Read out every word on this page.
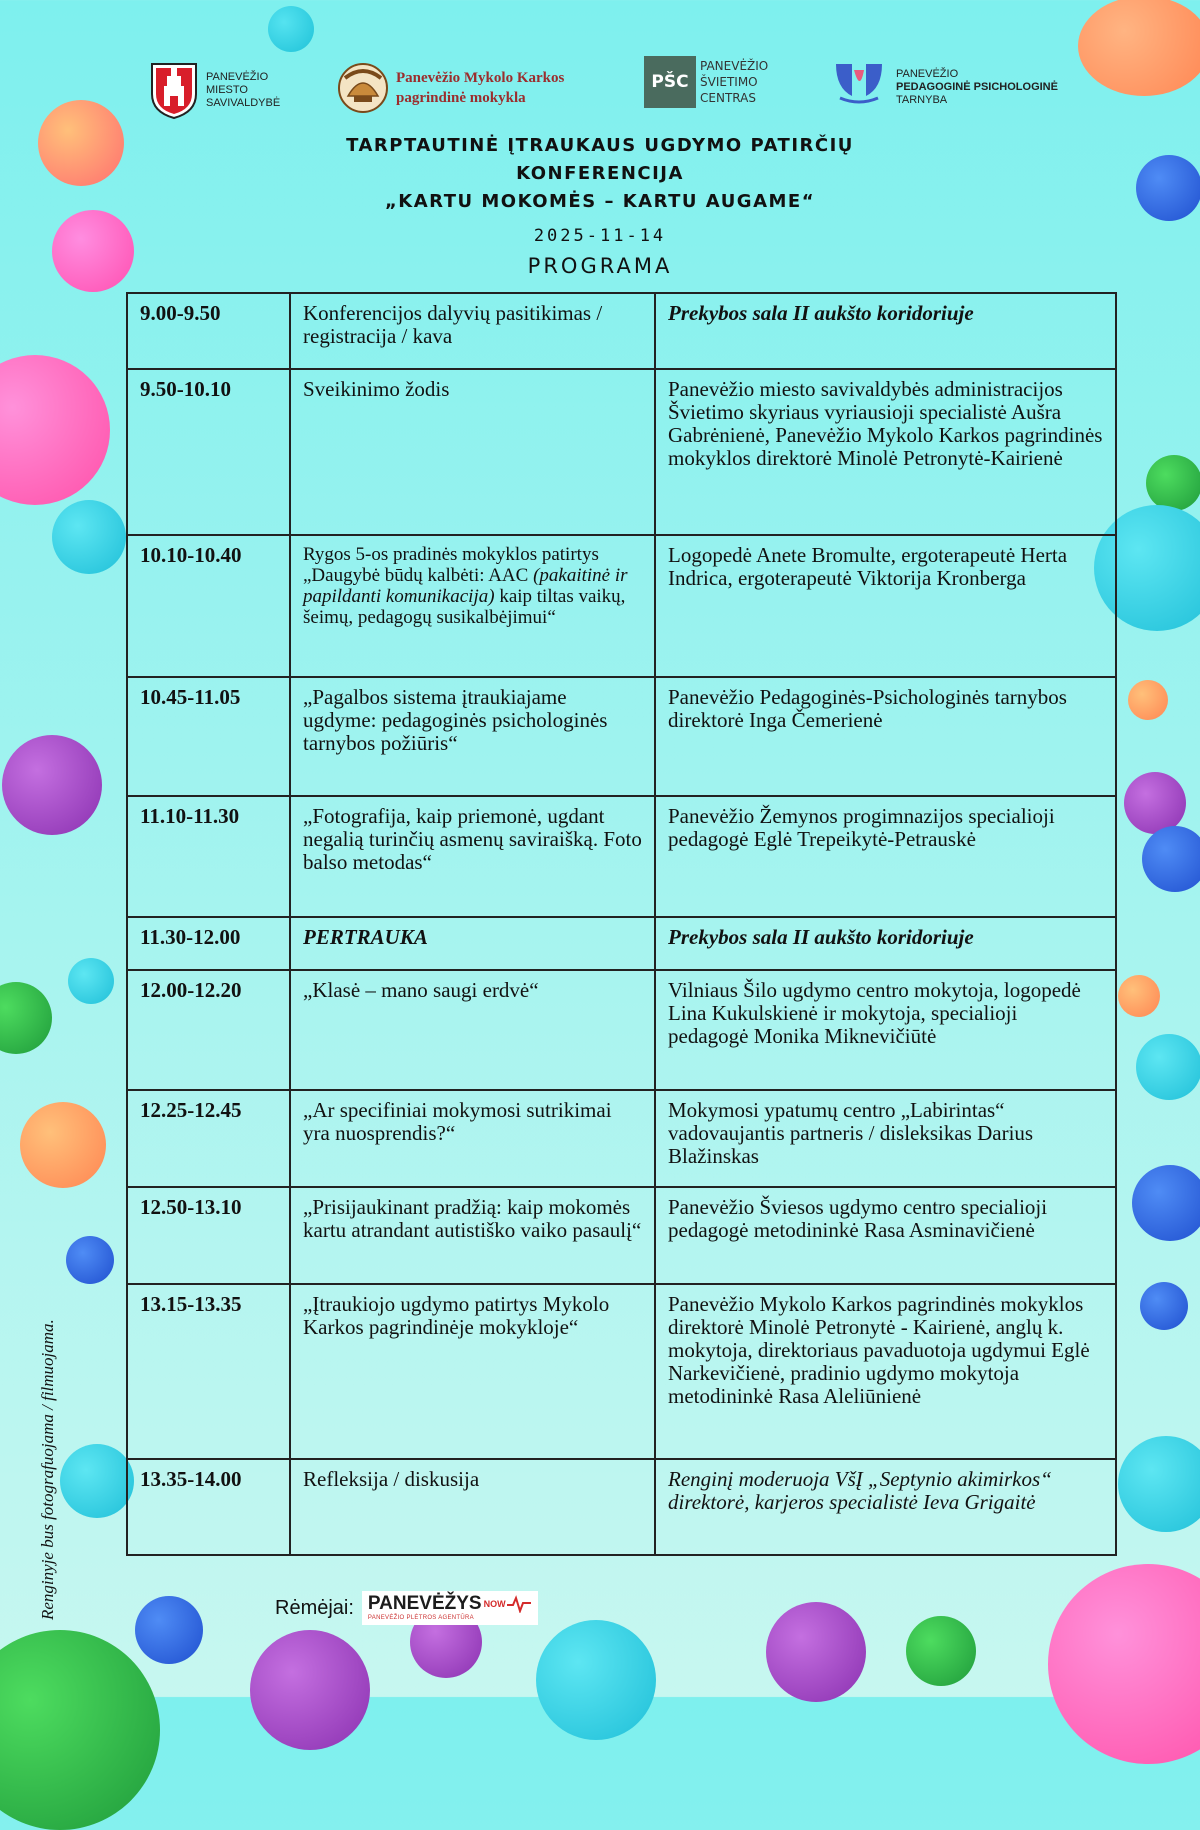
PANEVĖŽIO
MIESTO
SAVIVALDYBĖ
Panevėžio Mykolo Karkos
pagrindinė mokykla
PŠC
PANEVĖŽIO
ŠVIETIMO
CENTRAS
PANEVĖŽIO
PEDAGOGINĖ PSICHOLOGINĖ
TARNYBA
TARPTAUTINĖ ĮTRAUKAUS UGDYMO PATIRČIŲ
KONFERENCIJA
„KARTU MOKOMĖS – KARTU AUGAME“
2025-11-14
PROGRAMA
9.00-9.50	Konferencijos dalyvių pasitikimas / registracija / kava	Prekybos sala II aukšto koridoriuje
9.50-10.10	Sveikinimo žodis	Panevėžio miesto savivaldybės administracijos Švietimo skyriaus vyriausioji specialistė Aušra Gabrėnienė, Panevėžio Mykolo Karkos pagrindinės mokyklos direktorė Minolė Petronytė-Kairienė
10.10-10.40	Rygos 5-os pradinės mokyklos patirtys „Daugybė būdų kalbėti: AAC (pakaitinė ir papildanti komunikacija) kaip tiltas vaikų, šeimų, pedagogų susikalbėjimui“	Logopedė Anete Bromulte, ergoterapeutė Herta Indrica, ergoterapeutė Viktorija Kronberga
10.45-11.05	„Pagalbos sistema įtraukiajame ugdyme: pedagoginės psichologinės tarnybos požiūris“	Panevėžio Pedagoginės-Psichologinės tarnybos direktorė Inga Čemerienė
11.10-11.30	„Fotografija, kaip priemonė, ugdant negalią turinčių asmenų saviraišką. Foto balso metodas“	Panevėžio Žemynos progimnazijos specialioji pedagogė Eglė Trepeikytė-Petrauskė
11.30-12.00	PERTRAUKA	Prekybos sala II aukšto koridoriuje
12.00-12.20	„Klasė – mano saugi erdvė“	Vilniaus Šilo ugdymo centro mokytoja, logopedė Lina Kukulskienė ir mokytoja, specialioji pedagogė Monika Miknevičiūtė
12.25-12.45	„Ar specifiniai mokymosi sutrikimai yra nuosprendis?“	Mokymosi ypatumų centro „Labirintas“ vadovaujantis partneris / disleksikas Darius Blažinskas
12.50-13.10	„Prisijaukinant pradžią: kaip mokomės kartu atrandant autistiško vaiko pasaulį“	Panevėžio Šviesos ugdymo centro specialioji pedagogė metodininkė Rasa Asminavičienė
13.15-13.35	„Įtraukiojo ugdymo patirtys Mykolo Karkos pagrindinėje mokykloje“	Panevėžio Mykolo Karkos pagrindinės mokyklos direktorė Minolė Petronytė - Kairienė, anglų k. mokytoja, direktoriaus pavaduotoja ugdymui Eglė Narkevičienė, pradinio ugdymo mokytoja metodininkė Rasa Aleliūnienė
13.35-14.00	Refleksija / diskusija	Renginį moderuoja VšĮ „Septynio akimirkos“ direktorė, karjeros specialistė Ieva Grigaitė
Renginyje bus fotografuojama / filmuojama.	Rėmėjai: PANEVĖŽYS NOW
PANEVĖŽIO PLĖTROS AGENTŪRA
